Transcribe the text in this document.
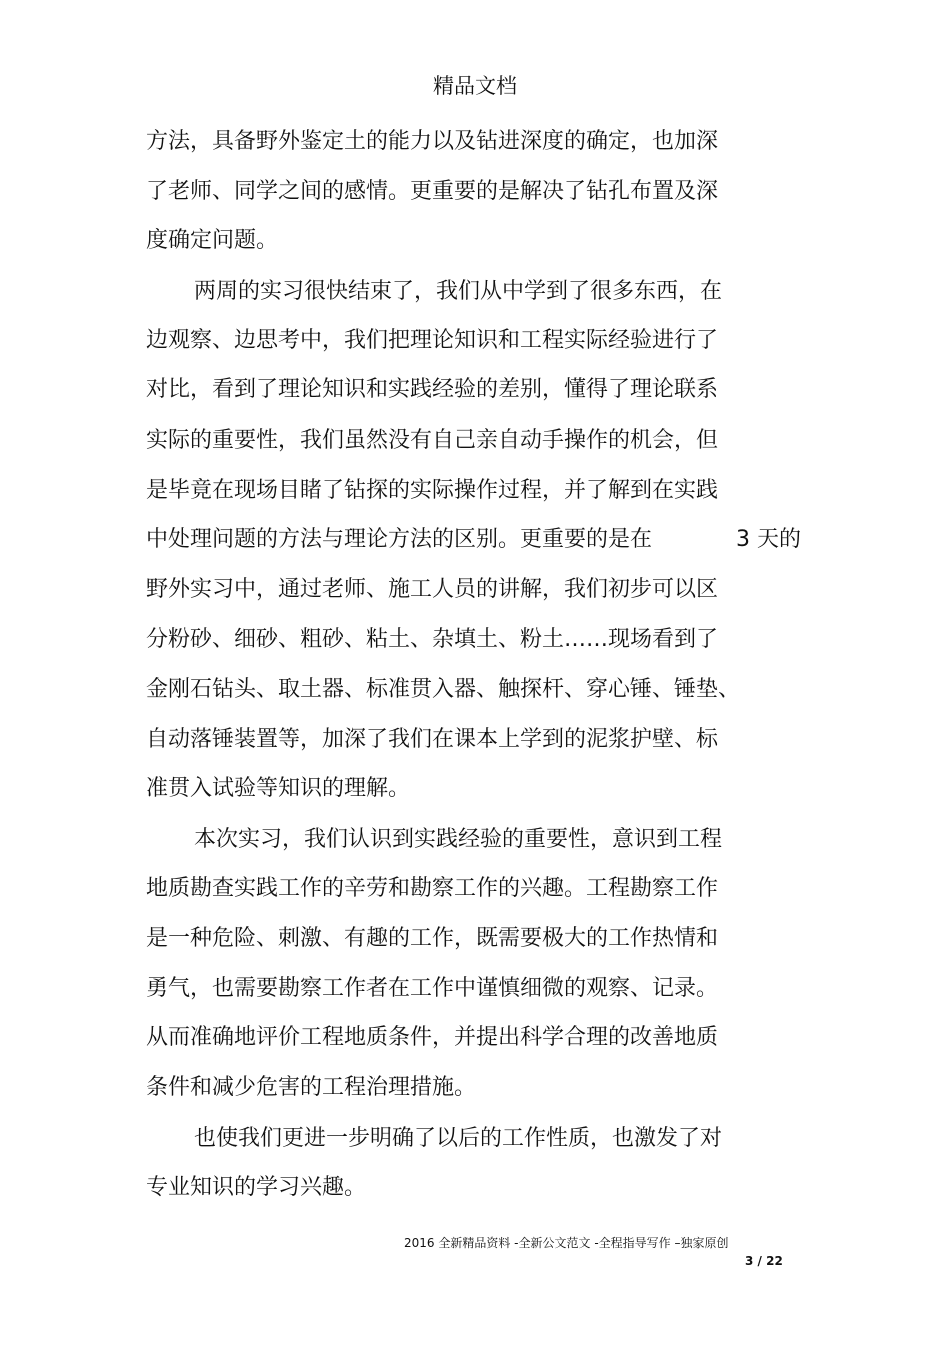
精品文档
方法，具备野外鉴定土的能力以及钻进深度的确定，也加深
了老师、同学之间的感情。更重要的是解决了钻孔布置及深
度确定问题。
两周的实习很快结束了，我们从中学到了很多东西，在
边观察、边思考中，我们把理论知识和工程实际经验进行了
对比，看到了理论知识和实践经验的差别，懂得了理论联系
实际的重要性，我们虽然没有自己亲自动手操作的机会，但
是毕竟在现场目睹了钻探的实际操作过程，并了解到在实践
中处理问题的方法与理论方法的区别。更重要的是在	3 天的
野外实习中，通过老师、施工人员的讲解，我们初步可以区
分粉砂、细砂、粗砂、粘土、杂填土、粉土……现场看到了
金刚石钻头、取土器、标准贯入器、触探杆、穿心锤、锤垫、
自动落锤装置等，加深了我们在课本上学到的泥浆护壁、标
准贯入试验等知识的理解。
本次实习，我们认识到实践经验的重要性，意识到工程
地质勘查实践工作的辛劳和勘察工作的兴趣。工程勘察工作
是一种危险、刺激、有趣的工作，既需要极大的工作热情和
勇气，也需要勘察工作者在工作中谨慎细微的观察、记录。
从而准确地评价工程地质条件，并提出科学合理的改善地质
条件和减少危害的工程治理措施。
也使我们更进一步明确了以后的工作性质，也激发了对
专业知识的学习兴趣。
2016 全新精品资料 -全新公文范文 -全程指导写作 –独家原创
3 / 22
